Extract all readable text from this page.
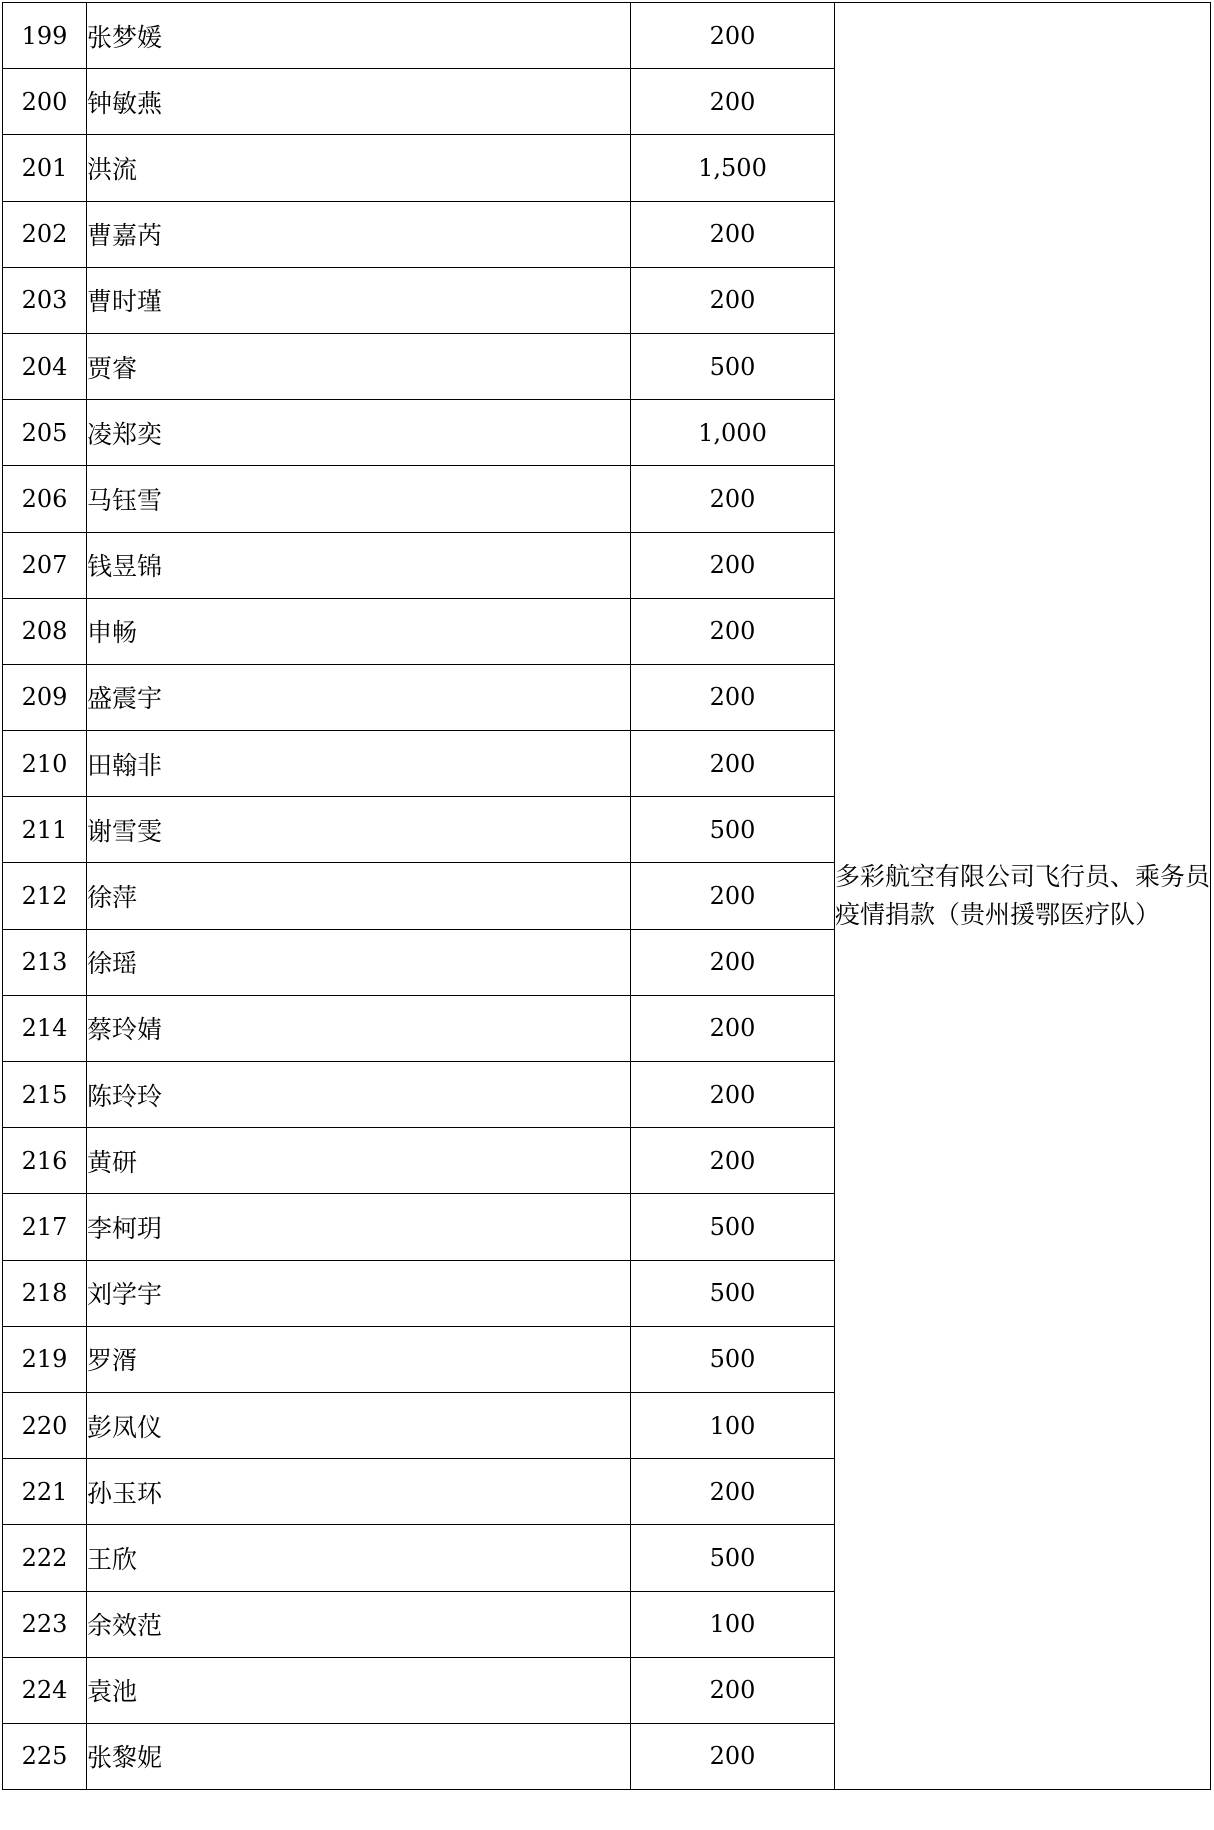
199	张梦媛	200	多彩航空有限公司飞行员、乘务员疫情捐款（贵州援鄂医疗队）
200	钟敏燕	200	
201	洪流	1,500	
202	曹嘉芮	200	
203	曹时瑾	200	
204	贾睿	500	
205	凌郑奕	1,000	
206	马钰雪	200	
207	钱昱锦	200	
208	申畅	200	
209	盛震宇	200	
210	田翰非	200	
211	谢雪雯	500	
212	徐萍	200	
213	徐瑶	200	
214	蔡玲婧	200	
215	陈玲玲	200	
216	黄研	200	
217	李柯玥	500	
218	刘学宇	500	
219	罗湑	500	
220	彭凤仪	100	
221	孙玉环	200	
222	王欣	500	
223	余效范	100	
224	袁池	200	
225	张黎妮	200	
